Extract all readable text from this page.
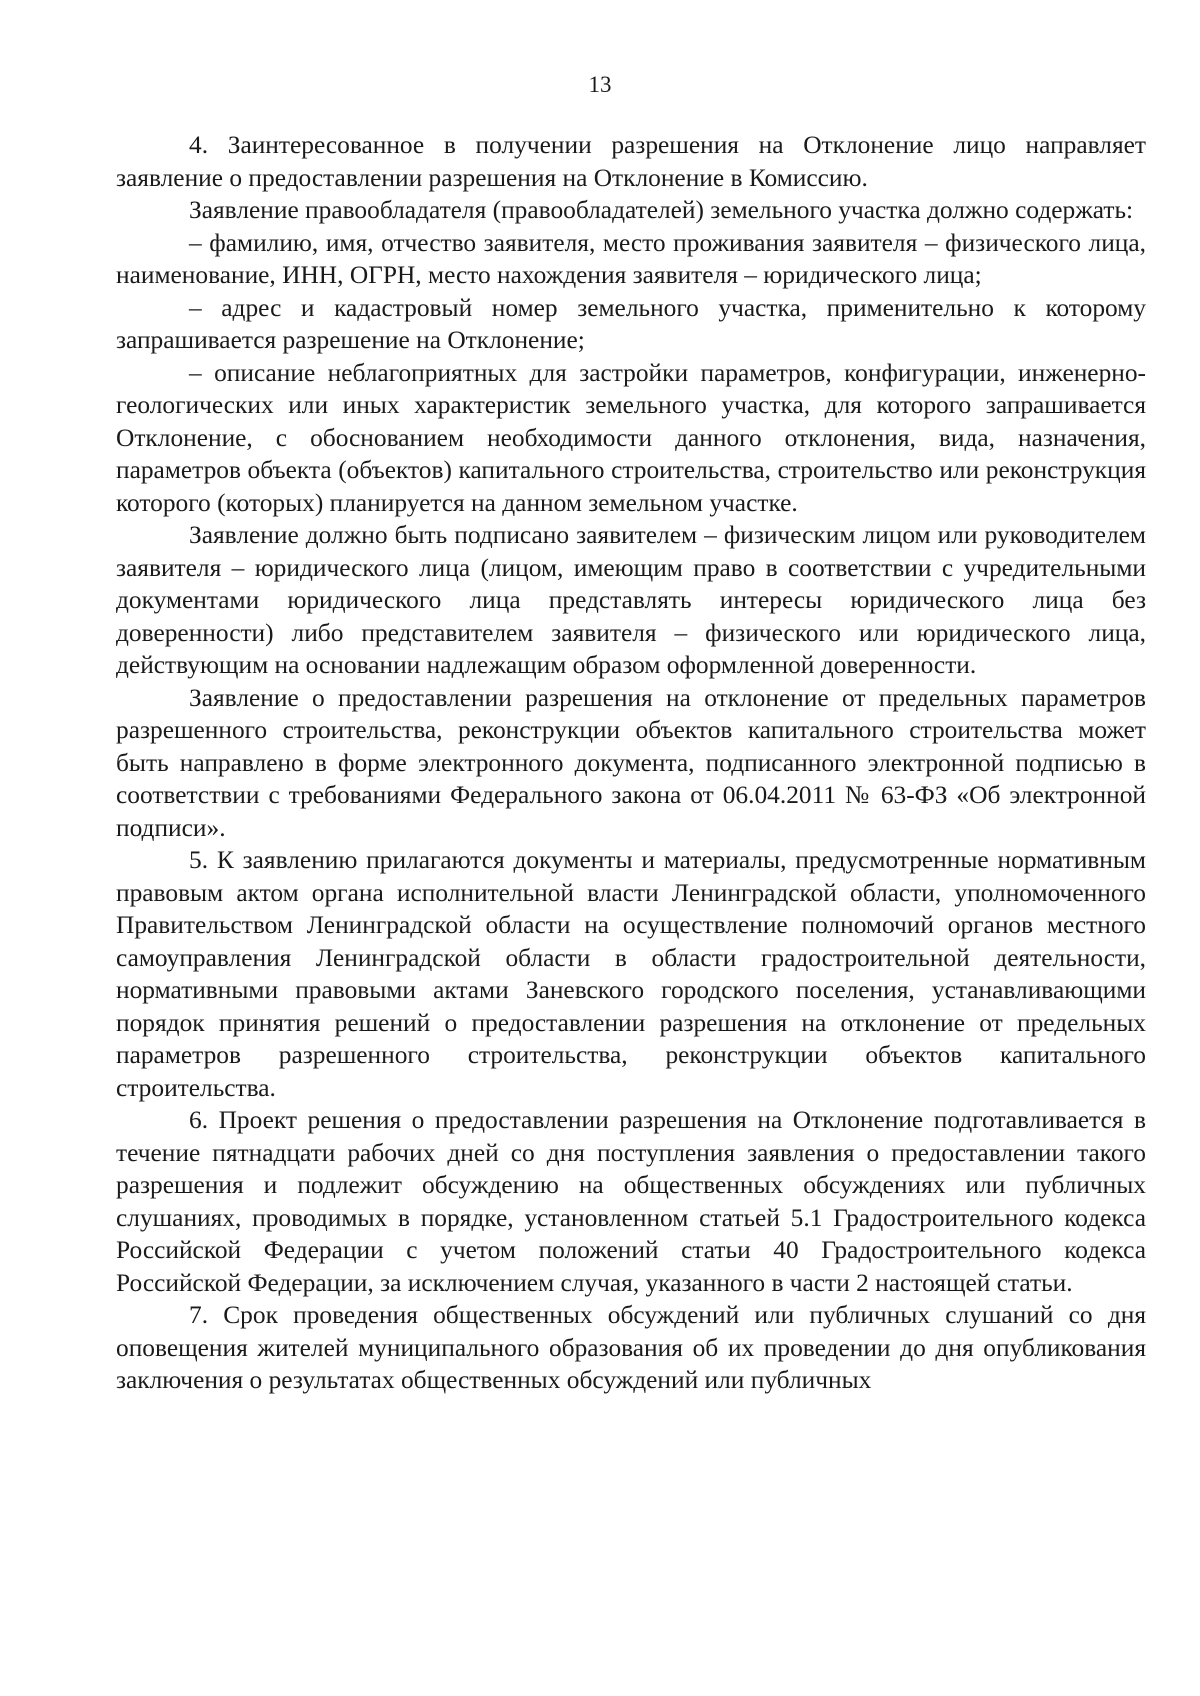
13

4. Заинтересованное в получении разрешения на Отклонение лицо направляет заявление о предоставлении разрешения на Отклонение в Комиссию.

Заявление правообладателя (правообладателей) земельного участка должно содержать:

– фамилию, имя, отчество заявителя, место проживания заявителя – физического лица, наименование, ИНН, ОГРН, место нахождения заявителя – юридического лица;

– адрес и кадастровый номер земельного участка, применительно к которому запрашивается разрешение на Отклонение;

– описание неблагоприятных для застройки параметров, конфигурации, инженерно-геологических или иных характеристик земельного участка, для которого запрашивается Отклонение, с обоснованием необходимости данного отклонения, вида, назначения, параметров объекта (объектов) капитального строительства, строительство или реконструкция которого (которых) планируется на данном земельном участке.

Заявление должно быть подписано заявителем – физическим лицом или руководителем заявителя – юридического лица (лицом, имеющим право в соответствии с учредительными документами юридического лица представлять интересы юридического лица без доверенности) либо представителем заявителя – физического или юридического лица, действующим на основании надлежащим образом оформленной доверенности.

Заявление о предоставлении разрешения на отклонение от предельных параметров разрешенного строительства, реконструкции объектов капитального строительства может быть направлено в форме электронного документа, подписанного электронной подписью в соответствии с требованиями Федерального закона от 06.04.2011 № 63-ФЗ «Об электронной подписи».

5. К заявлению прилагаются документы и материалы, предусмотренные нормативным правовым актом органа исполнительной власти Ленинградской области, уполномоченного Правительством Ленинградской области на осуществление полномочий органов местного самоуправления Ленинградской области в области градостроительной деятельности, нормативными правовыми актами Заневского городского поселения, устанавливающими порядок принятия решений о предоставлении разрешения на отклонение от предельных параметров разрешенного строительства, реконструкции объектов капитального строительства.

6. Проект решения о предоставлении разрешения на Отклонение подготавливается в течение пятнадцати рабочих дней со дня поступления заявления о предоставлении такого разрешения и подлежит обсуждению на общественных обсуждениях или публичных слушаниях, проводимых в порядке, установленном статьей 5.1 Градостроительного кодекса Российской Федерации с учетом положений статьи 40 Градостроительного кодекса Российской Федерации, за исключением случая, указанного в части 2 настоящей статьи.

7. Срок проведения общественных обсуждений или публичных слушаний со дня оповещения жителей муниципального образования об их проведении до дня опубликования заключения о результатах общественных обсуждений или публичных
